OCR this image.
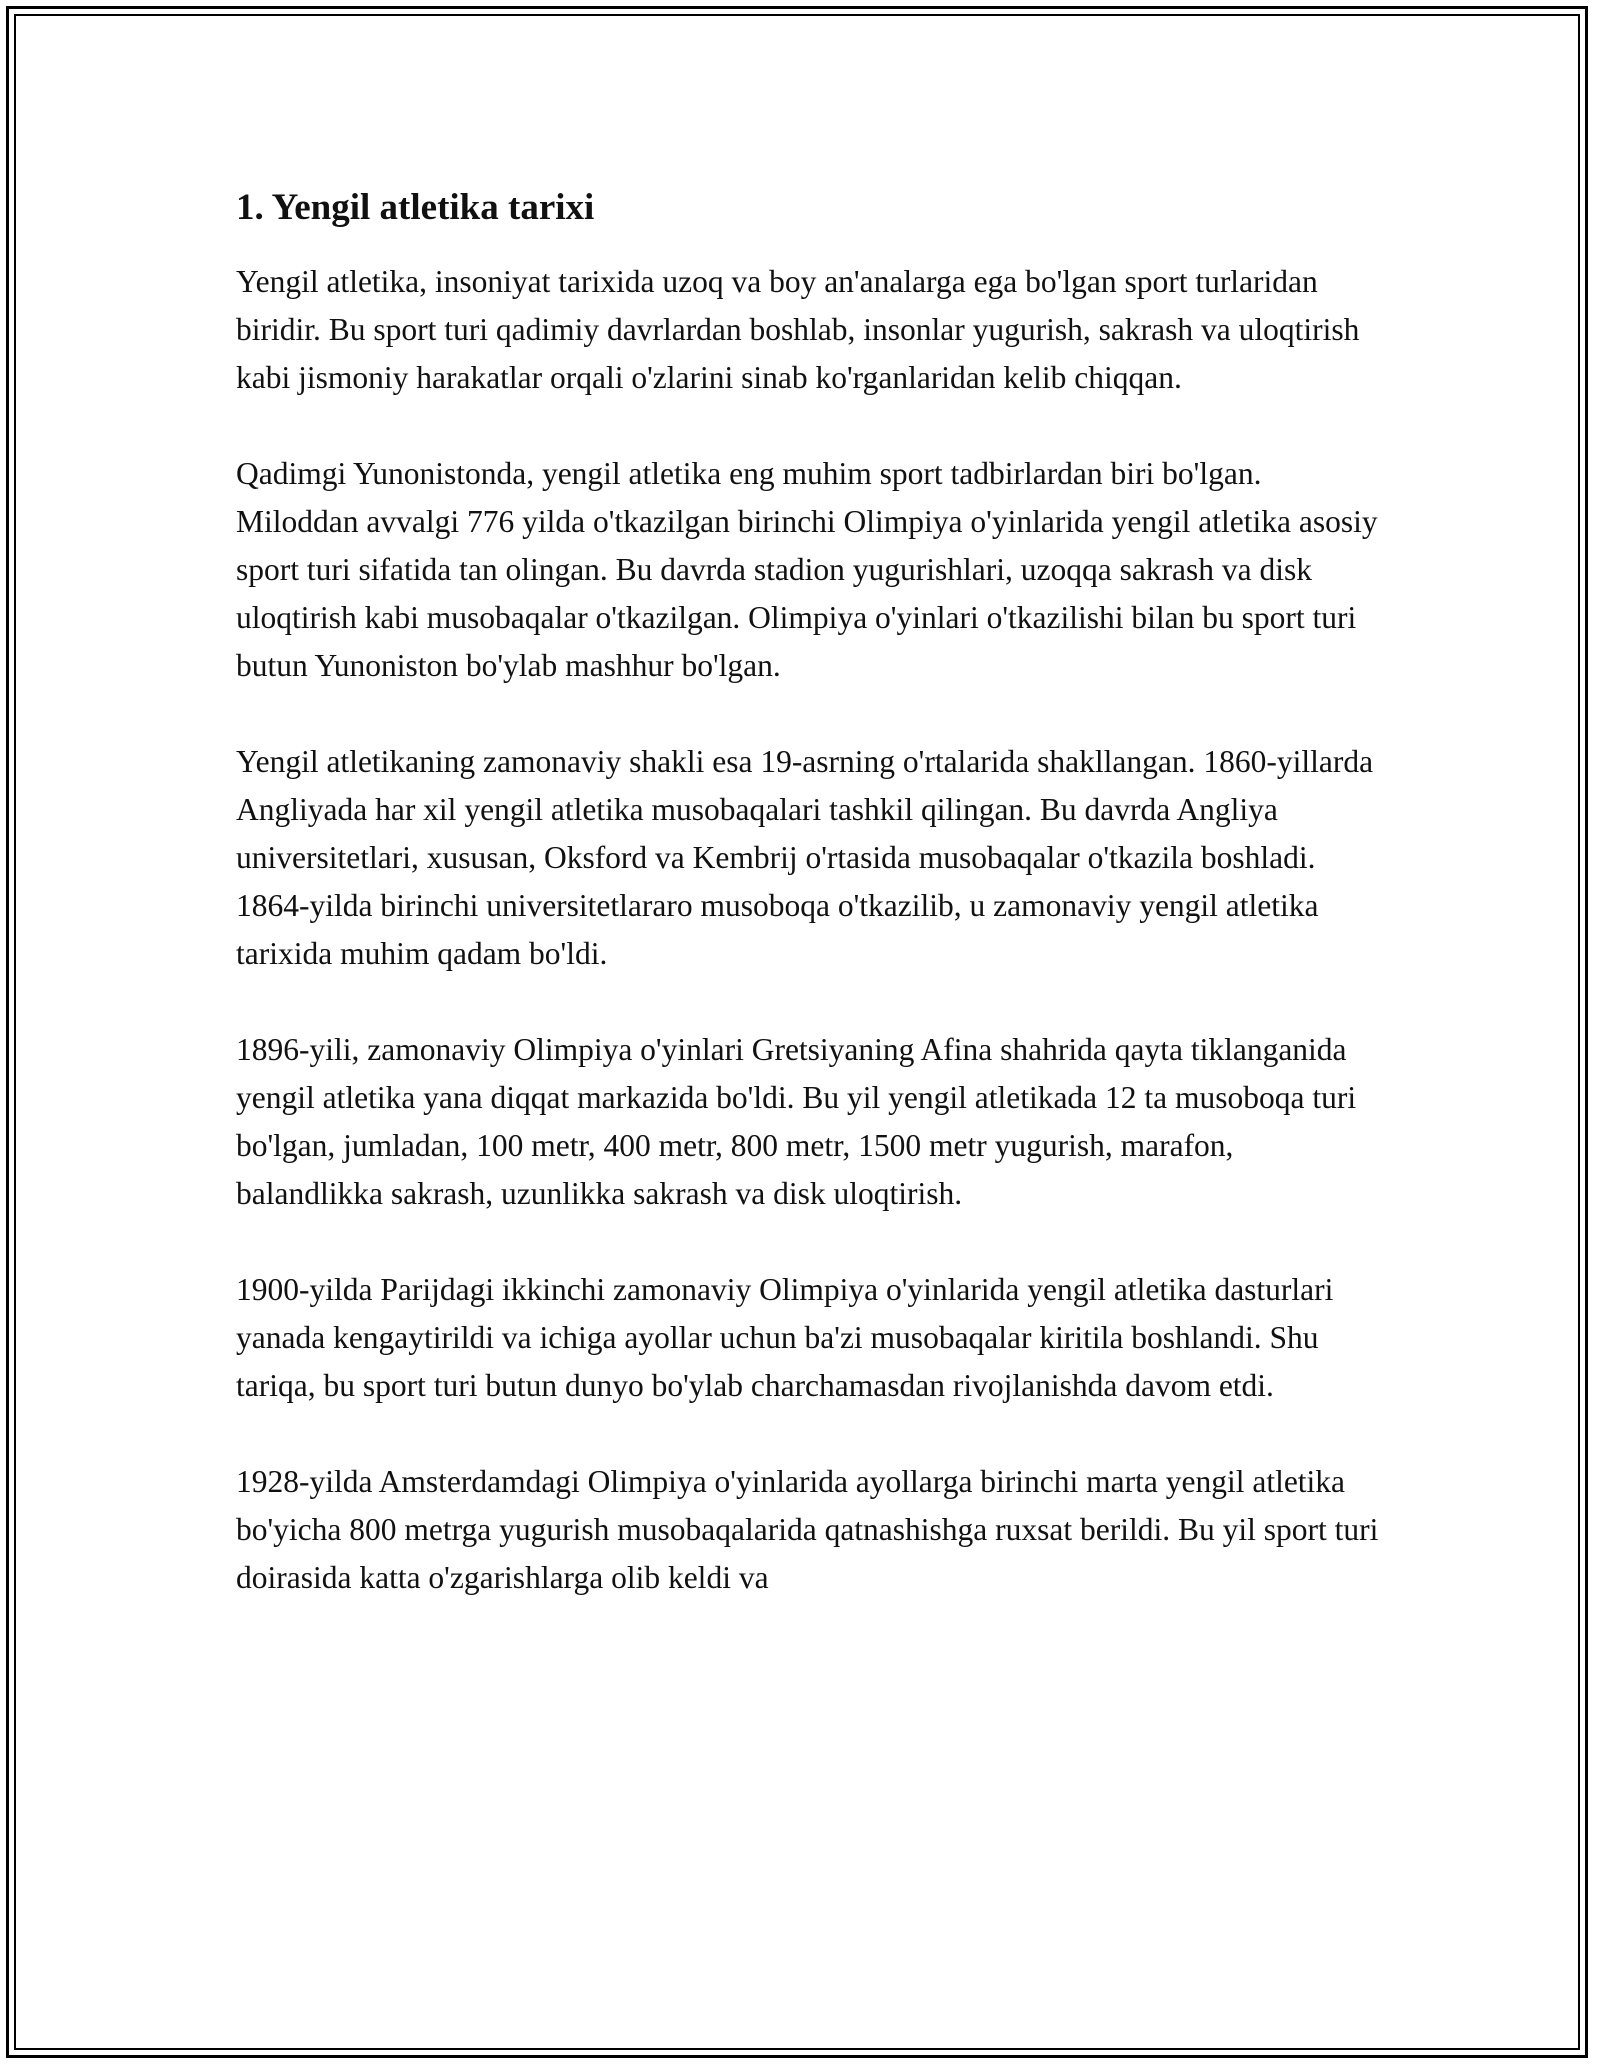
1. Yengil atletika tarixi

Yengil atletika, insoniyat tarixida uzoq va boy an'analarga ega bo'lgan sport turlaridan biridir. Bu sport turi qadimiy davrlardan boshlab, insonlar yugurish, sakrash va uloqtirish kabi jismoniy harakatlar orqali o'zlarini sinab ko'rganlaridan kelib chiqqan.

Qadimgi Yunonistonda, yengil atletika eng muhim sport tadbirlardan biri bo'lgan. Miloddan avvalgi 776 yilda o'tkazilgan birinchi Olimpiya o'yinlarida yengil atletika asosiy sport turi sifatida tan olingan. Bu davrda stadion yugurishlari, uzoqqa sakrash va disk uloqtirish kabi musobaqalar o'tkazilgan. Olimpiya o'yinlari o'tkazilishi bilan bu sport turi butun Yunoniston bo'ylab mashhur bo'lgan.

Yengil atletikaning zamonaviy shakli esa 19-asrning o'rtalarida shakllangan. 1860-yillarda Angliyada har xil yengil atletika musobaqalari tashkil qilingan. Bu davrda Angliya universitetlari, xususan, Oksford va Kembrij o'rtasida musobaqalar o'tkazila boshladi. 1864-yilda birinchi universitetlararo musoboqa o'tkazilib, u zamonaviy yengil atletika tarixida muhim qadam bo'ldi.

1896-yili, zamonaviy Olimpiya o'yinlari Gretsiyaning Afina shahrida qayta tiklanganida yengil atletika yana diqqat markazida bo'ldi. Bu yil yengil atletikada 12 ta musoboqa turi bo'lgan, jumladan, 100 metr, 400 metr, 800 metr, 1500 metr yugurish, marafon, balandlikka sakrash, uzunlikka sakrash va disk uloqtirish.

1900-yilda Parijdagi ikkinchi zamonaviy Olimpiya o'yinlarida yengil atletika dasturlari yanada kengaytirildi va ichiga ayollar uchun ba'zi musobaqalar kiritila boshlandi. Shu tariqa, bu sport turi butun dunyo bo'ylab charchamasdan rivojlanishda davom etdi.

1928-yilda Amsterdamdagi Olimpiya o'yinlarida ayollarga birinchi marta yengil atletika bo'yicha 800 metrga yugurish musobaqalarida qatnashishga ruxsat berildi. Bu yil sport turi doirasida katta o'zgarishlarga olib keldi va
